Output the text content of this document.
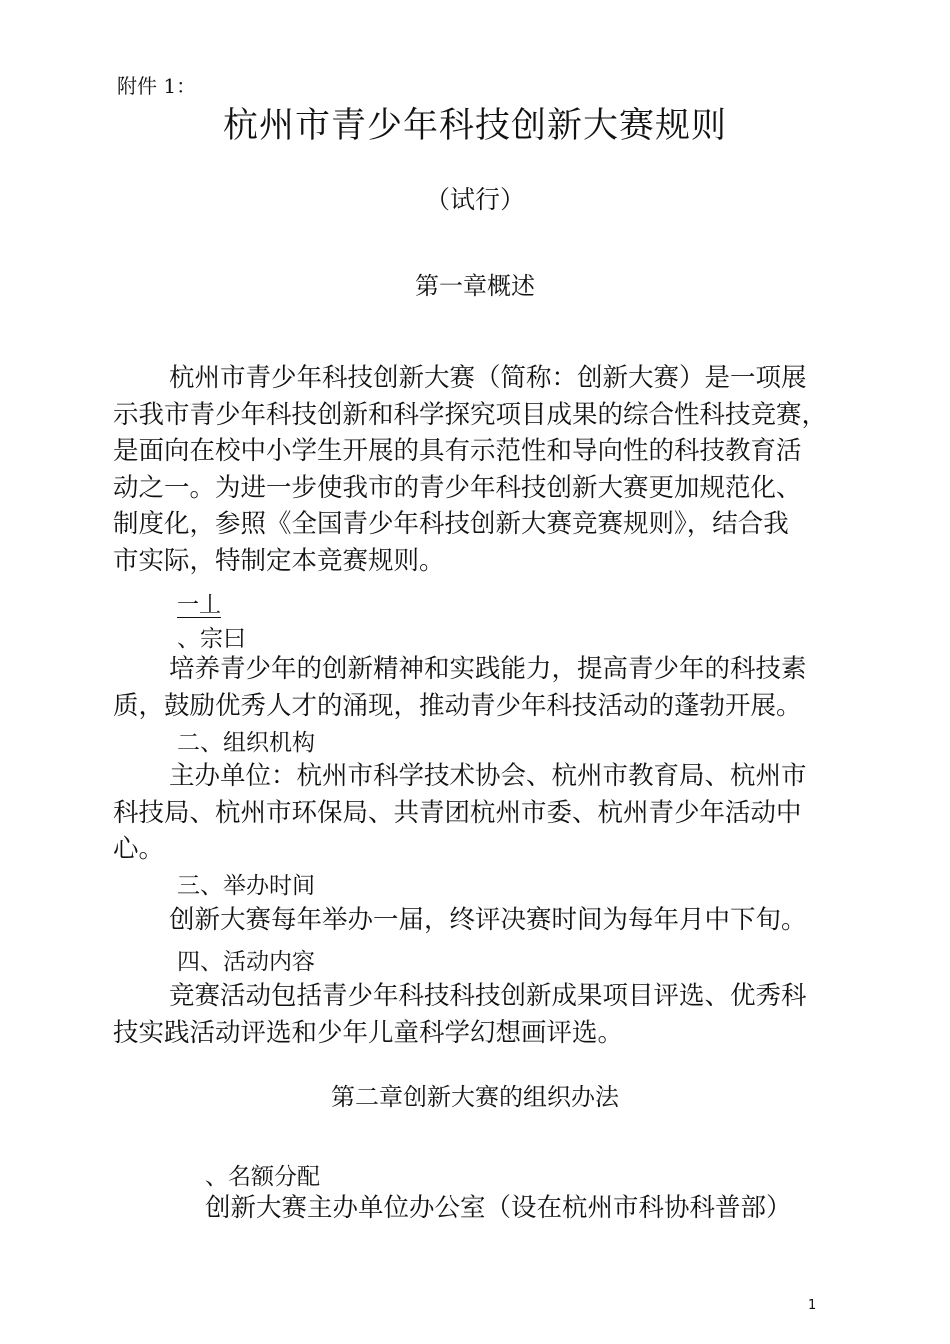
附件 1：
杭州市青少年科技创新大赛规则
（试行）
第一章概述
杭州市青少年科技创新大赛（简称：创新大赛）是一项展
示我市青少年科技创新和科学探究项目成果的综合性科技竞赛，
是面向在校中小学生开展的具有示范性和导向性的科技教育活
动之一。为进一步使我市的青少年科技创新大赛更加规范化、
制度化，参照《全国青少年科技创新大赛竞赛规则》，结合我
市实际，特制定本竞赛规则。
一丄
、宗曰
培养青少年的创新精神和实践能力，提高青少年的科技素
质，鼓励优秀人才的涌现，推动青少年科技活动的蓬勃开展。
二、组织机构
主办单位：杭州市科学技术协会、杭州市教育局、杭州市
科技局、杭州市环保局、共青团杭州市委、杭州青少年活动中
心。
三、举办时间
创新大赛每年举办一届，终评决赛时间为每年月中下旬。
四、活动内容
竞赛活动包括青少年科技科技创新成果项目评选、优秀科
技实践活动评选和少年儿童科学幻想画评选。
第二章创新大赛的组织办法
、名额分配
创新大赛主办单位办公室（设在杭州市科协科普部）
1
